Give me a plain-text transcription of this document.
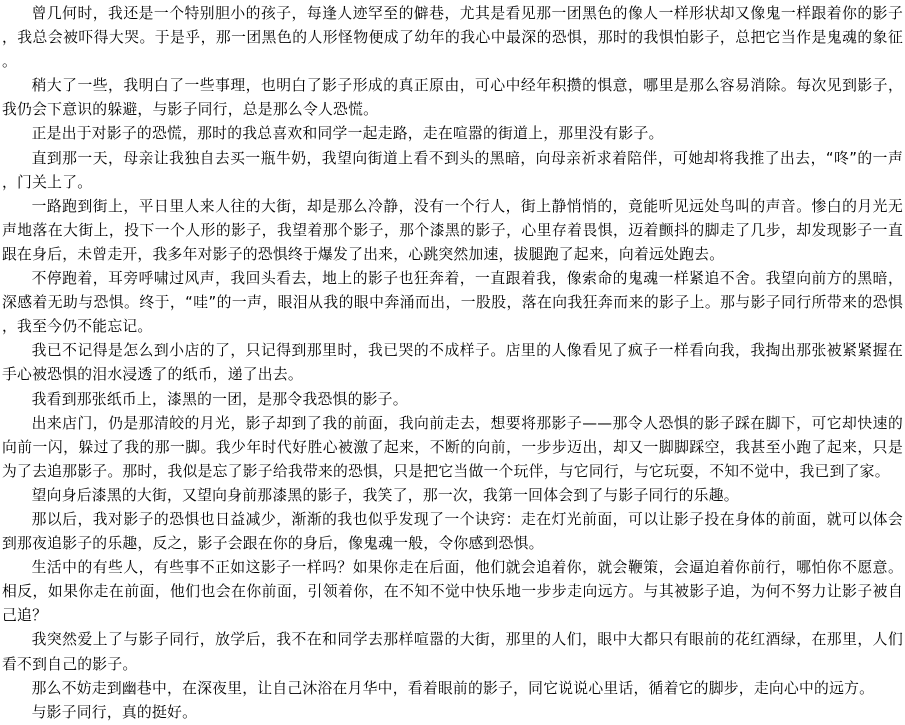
曾几何时，我还是一个特别胆小的孩子，每逢人迹罕至的僻巷，尤其是看见那一团黑色的像人一样形状却又像鬼一样跟着你的影子，我总会被吓得大哭。于是乎，那一团黑色的人形怪物便成了幼年的我心中最深的恐惧，那时的我惧怕影子，总把它当作是鬼魂的象征。

稍大了一些，我明白了一些事理，也明白了影子形成的真正原由，可心中经年积攒的惧意，哪里是那么容易消除。每次见到影子，我仍会下意识的躲避，与影子同行，总是那么令人恐慌。

正是出于对影子的恐慌，那时的我总喜欢和同学一起走路，走在喧嚣的街道上，那里没有影子。

直到那一天，母亲让我独自去买一瓶牛奶，我望向街道上看不到头的黑暗，向母亲祈求着陪伴，可她却将我推了出去，“咚”的一声，门关上了。

一路跑到街上，平日里人来人往的大街，却是那么冷静，没有一个行人，街上静悄悄的，竟能听见远处鸟叫的声音。惨白的月光无声地落在大街上，投下一个人形的影子，我望着那个影子，那个漆黑的影子，心里存着畏惧，迈着颤抖的脚走了几步，却发现影子一直跟在身后，未曾走开，我多年对影子的恐惧终于爆发了出来，心跳突然加速，拔腿跑了起来，向着远处跑去。

不停跑着，耳旁呼啸过风声，我回头看去，地上的影子也狂奔着，一直跟着我，像索命的鬼魂一样紧追不舍。我望向前方的黑暗，深感着无助与恐惧。终于，“哇”的一声，眼泪从我的眼中奔涌而出，一股股，落在向我狂奔而来的影子上。那与影子同行所带来的恐惧，我至今仍不能忘记。

我已不记得是怎么到小店的了，只记得到那里时，我已哭的不成样子。店里的人像看见了疯子一样看向我，我掏出那张被紧紧握在手心被恐惧的泪水浸透了的纸币，递了出去。

我看到那张纸币上，漆黑的一团，是那令我恐惧的影子。

出来店门，仍是那清皎的月光，影子却到了我的前面，我向前走去，想要将那影子——那令人恐惧的影子踩在脚下，可它却快速的向前一闪，躲过了我的那一脚。我少年时代好胜心被激了起来，不断的向前，一步步迈出，却又一脚脚踩空，我甚至小跑了起来，只是为了去追那影子。那时，我似是忘了影子给我带来的恐惧，只是把它当做一个玩伴，与它同行，与它玩耍，不知不觉中，我已到了家。

望向身后漆黑的大街，又望向身前那漆黑的影子，我笑了，那一次，我第一回体会到了与影子同行的乐趣。

那以后，我对影子的恐惧也日益减少，渐渐的我也似乎发现了一个诀窍：走在灯光前面，可以让影子投在身体的前面，就可以体会到那夜追影子的乐趣，反之，影子会跟在你的身后，像鬼魂一般，令你感到恐惧。

生活中的有些人，有些事不正如这影子一样吗？如果你走在后面，他们就会追着你，就会鞭策，会逼迫着你前行，哪怕你不愿意。相反，如果你走在前面，他们也会在你前面，引领着你，在不知不觉中快乐地一步步走向远方。与其被影子追，为何不努力让影子被自己追？

我突然爱上了与影子同行，放学后，我不在和同学去那样喧嚣的大街，那里的人们，眼中大都只有眼前的花红酒绿，在那里，人们看不到自己的影子。

那么不妨走到幽巷中，在深夜里，让自己沐浴在月华中，看着眼前的影子，同它说说心里话，循着它的脚步，走向心中的远方。

与影子同行，真的挺好。
